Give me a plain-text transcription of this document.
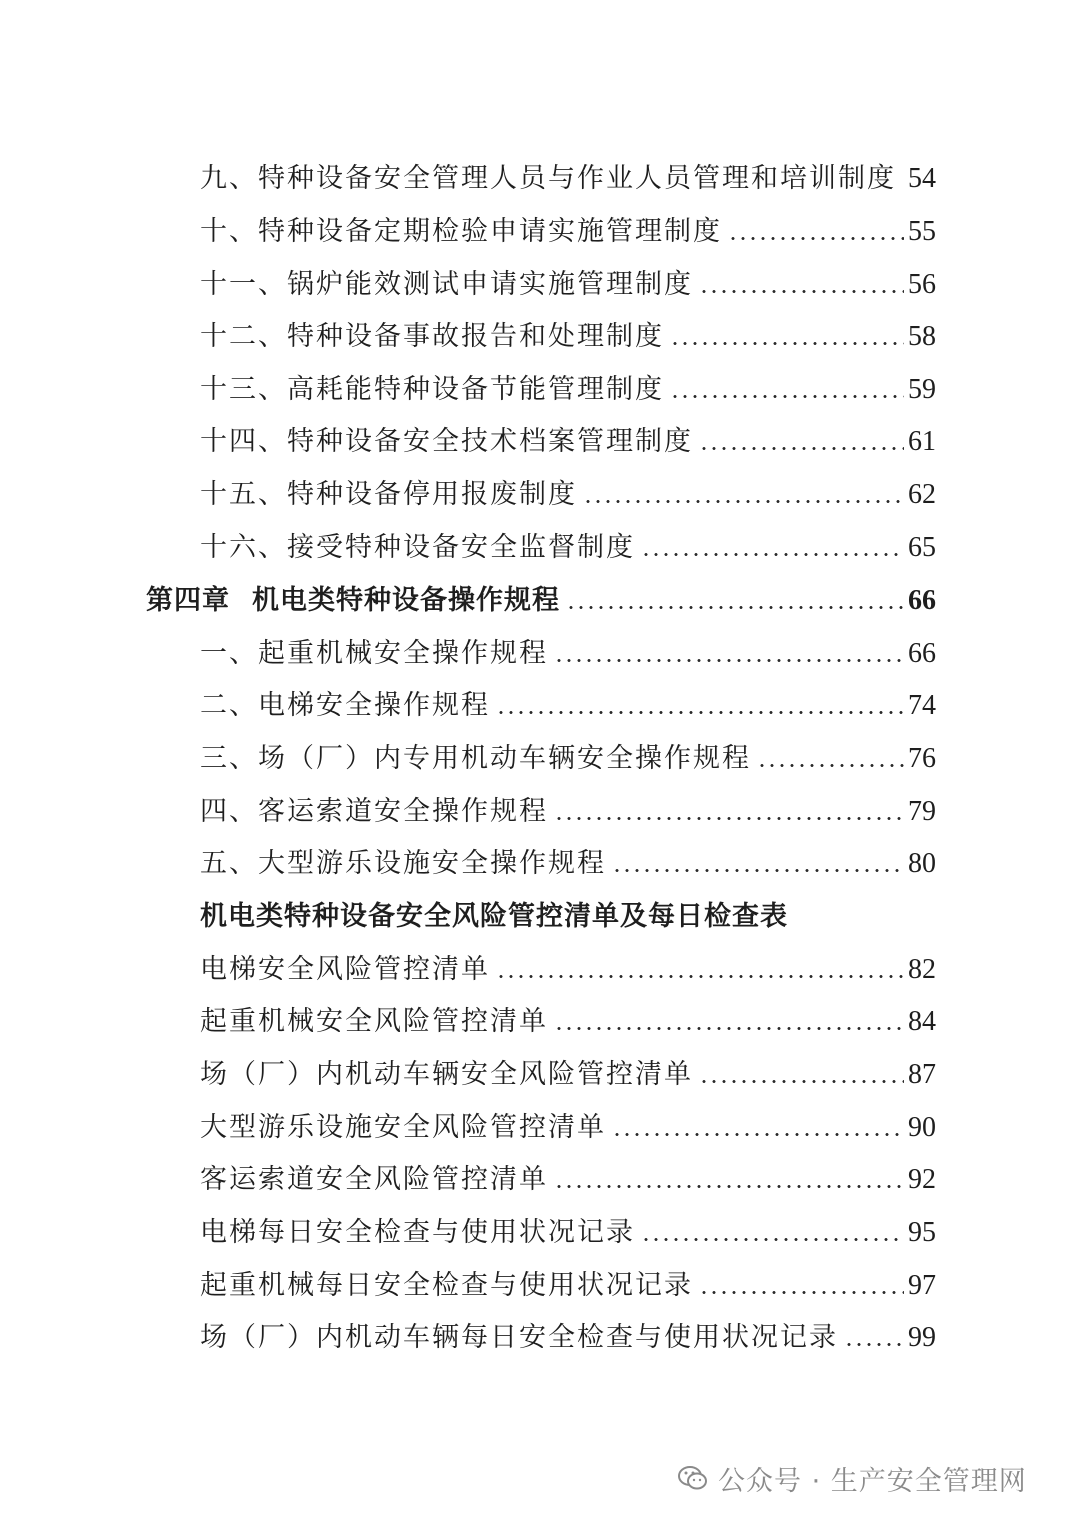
九、特种设备安全管理人员与作业人员管理和培训制度 54
十、特种设备定期检验申请实施管理制度	55
十一、锅炉能效测试申请实施管理制度	56
十二、特种设备事故报告和处理制度	58
十三、高耗能特种设备节能管理制度	59
十四、特种设备安全技术档案管理制度	61
十五、特种设备停用报废制度	62
十六、接受特种设备安全监督制度	65
第四章 机电类特种设备操作规程	66
一、起重机械安全操作规程	66
二、电梯安全操作规程	74
三、场（厂）内专用机动车辆安全操作规程	76
四、客运索道安全操作规程	79
五、大型游乐设施安全操作规程	80
机电类特种设备安全风险管控清单及每日检查表
电梯安全风险管控清单	82
起重机械安全风险管控清单	84
场（厂）内机动车辆安全风险管控清单	87
大型游乐设施安全风险管控清单	90
客运索道安全风险管控清单	92
电梯每日安全检查与使用状况记录	95
起重机械每日安全检查与使用状况记录	97
场（厂）内机动车辆每日安全检查与使用状况记录	99
公众号 · 生产安全管理网
